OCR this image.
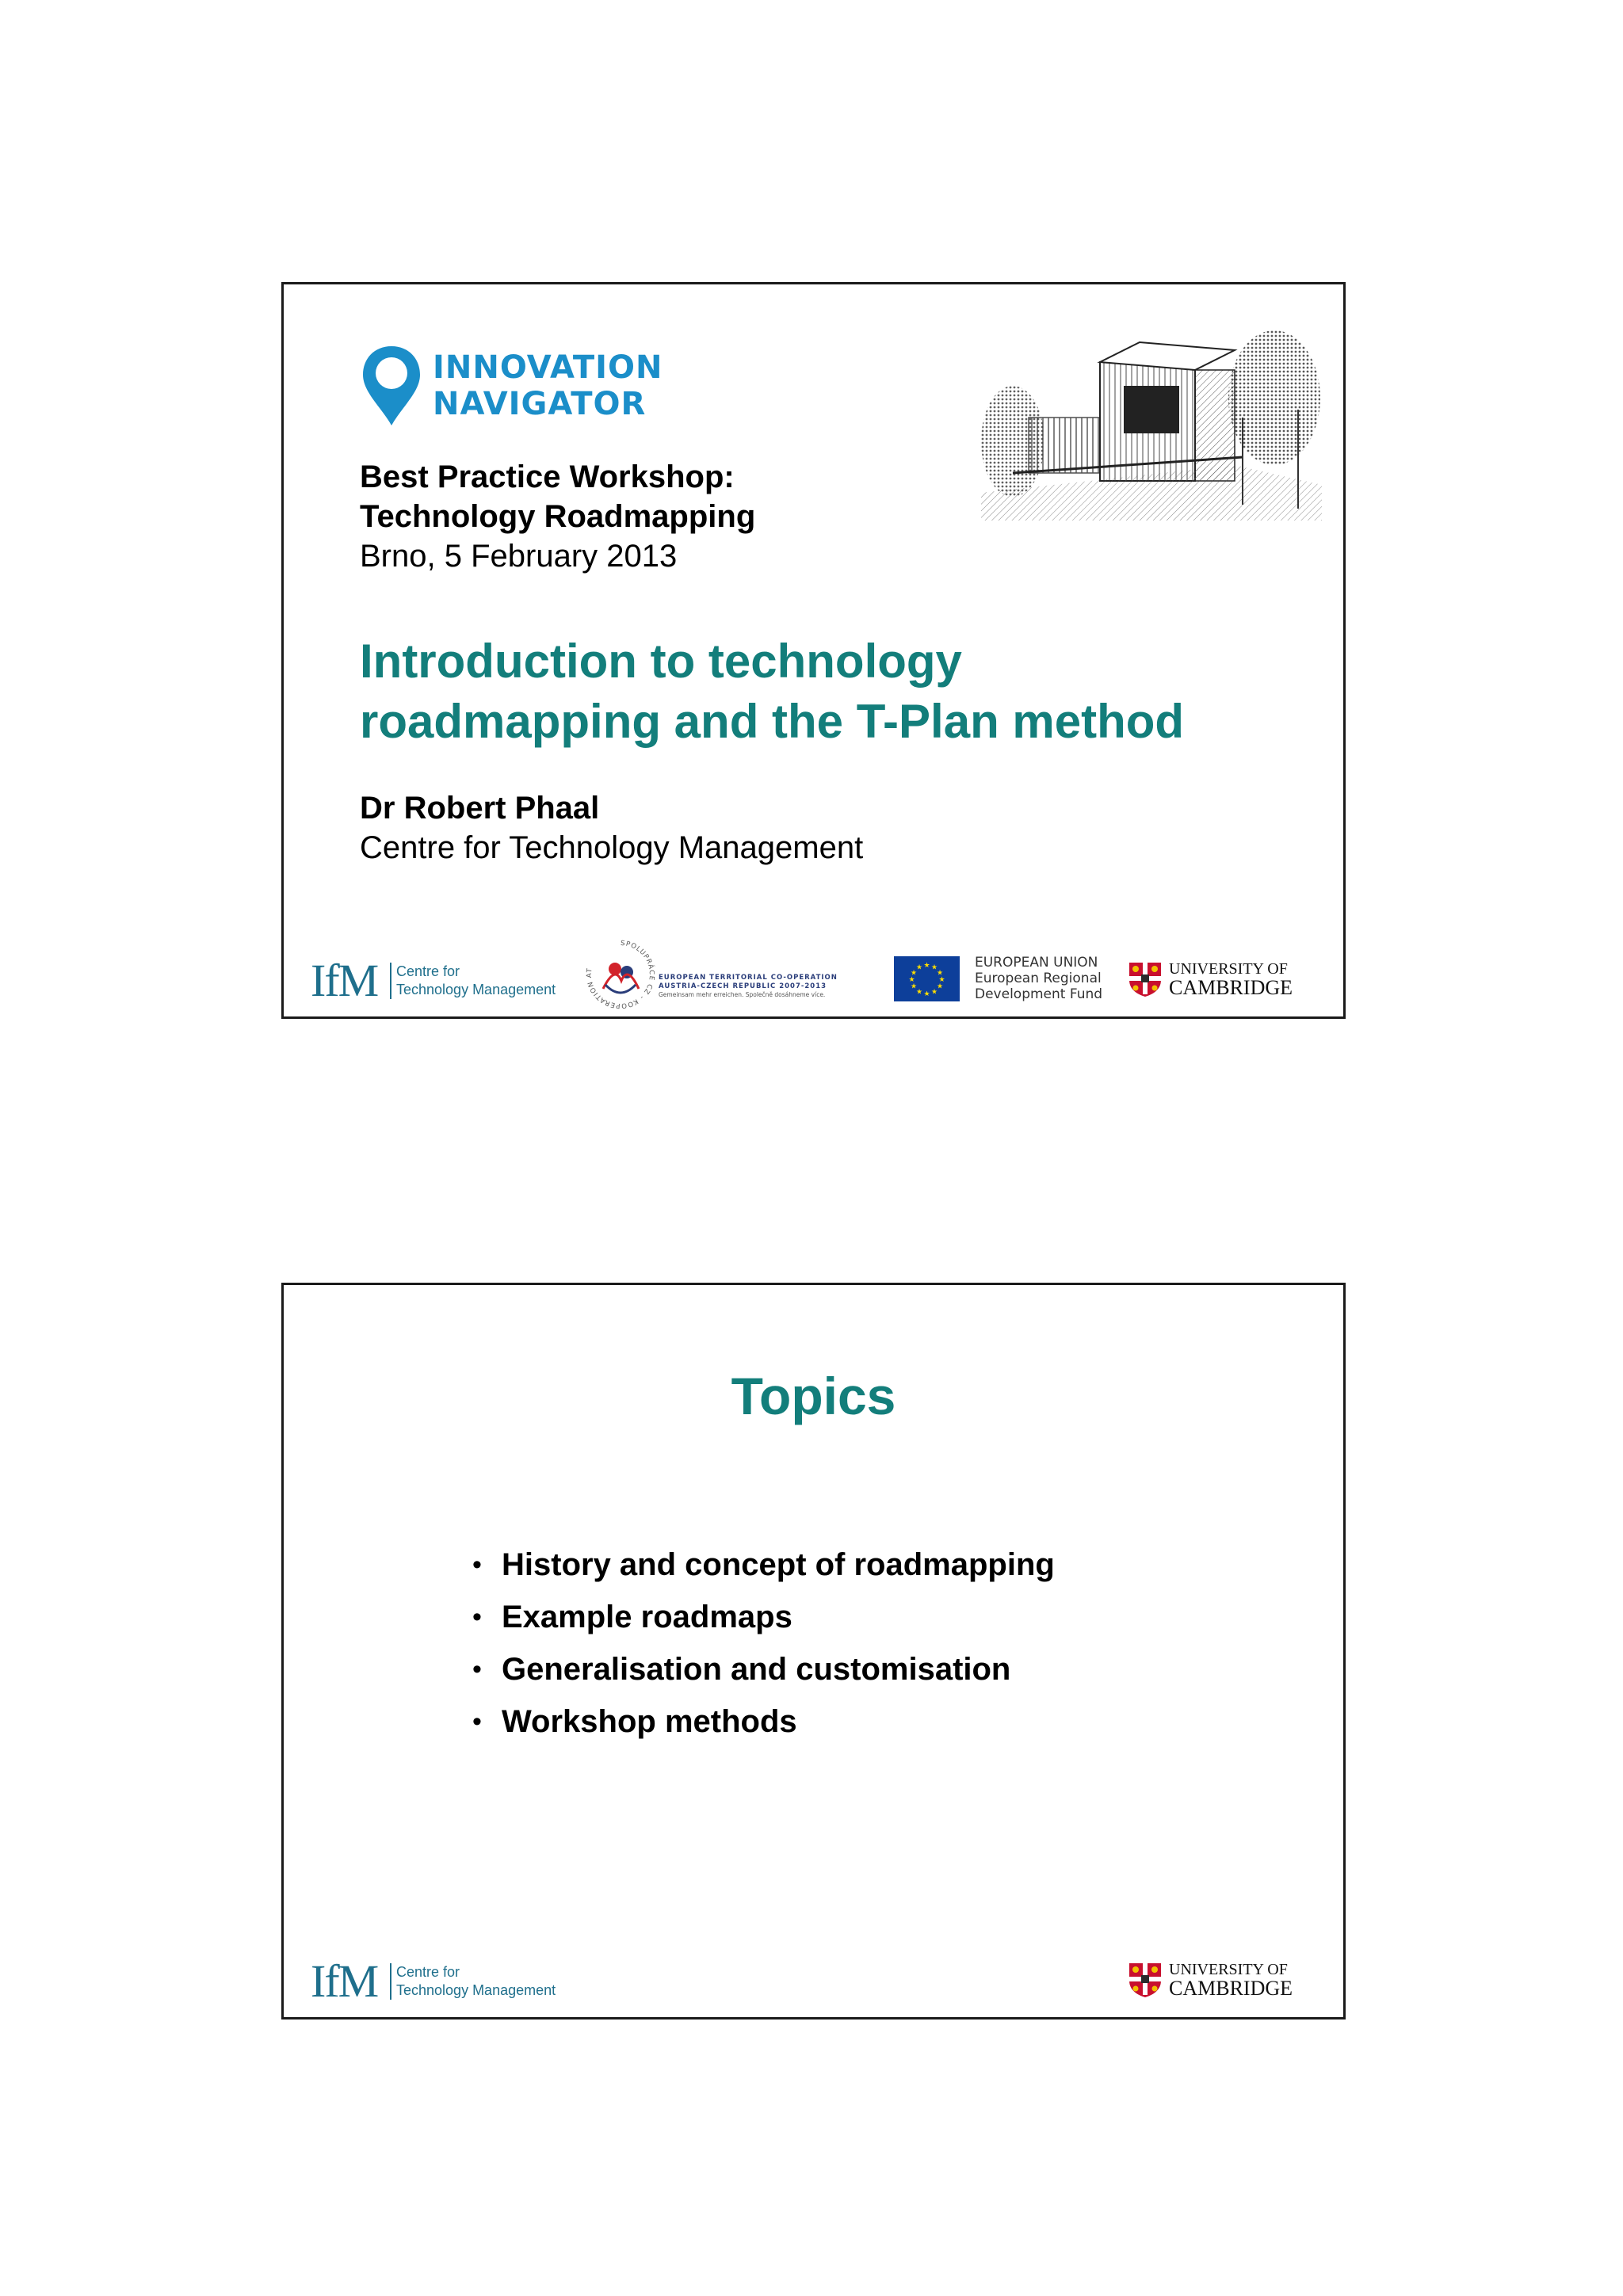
INNOVATION
NAVIGATOR
Best Practice Workshop:
Technology Roadmapping
Brno, 5 February 2013
Introduction to technology
roadmapping and the T-Plan method
Dr Robert Phaal
Centre for Technology Management
IfM Centre for
Technology Management
SPOLUPRÁCE CZ - KOOPERATION AT
EUROPEAN TERRITORIAL CO-OPERATION
AUSTRIA-CZECH REPUBLIC 2007-2013
Gemeinsam mehr erreichen. Společně dosáhneme více.
★ ★
★
★
★
★
★
★
★
★
★
★	EUROPEAN UNION
European Regional
Development Fund
UNIVERSITY OF
CAMBRIDGE
Topics
• History and concept of roadmapping
• Example roadmaps
• Generalisation and customisation
• Workshop methods
IfM Centre for
Technology Management
UNIVERSITY OF
CAMBRIDGE
